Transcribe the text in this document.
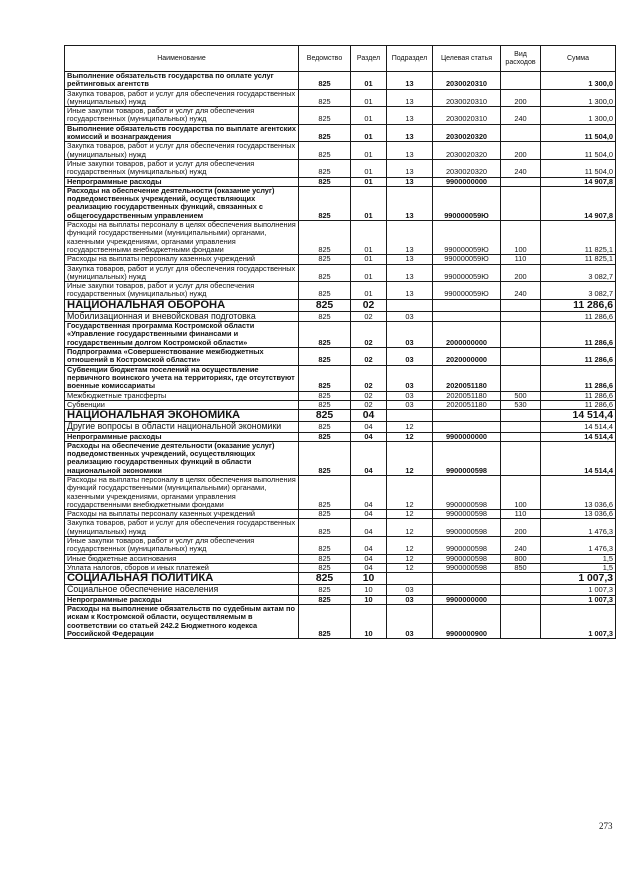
Наименование	Ведомство	Раздел	Подраздел	Целевая статья	Вид расходов	Сумма
Выполнение обязательств государства по оплате услуг рейтинговых агентств	825	01	13	2030020310		1 300,0
Закупка товаров, работ и услуг для обеспечения государственных (муниципальных) нужд	825	01	13	2030020310	200	1 300,0
Иные закупки товаров, работ и услуг для обеспечения государственных (муниципальных) нужд	825	01	13	2030020310	240	1 300,0
Выполнение обязательств государства по выплате агентских комиссий и вознаграждения	825	01	13	2030020320		11 504,0
Закупка товаров, работ и услуг для обеспечения государственных (муниципальных) нужд	825	01	13	2030020320	200	11 504,0
Иные закупки товаров, работ и услуг для обеспечения государственных (муниципальных) нужд	825	01	13	2030020320	240	11 504,0
Непрограммные расходы	825	01	13	9900000000		14 907,8
Расходы на обеспечение деятельности (оказание услуг) подведомственных учреждений, осуществляющих реализацию государственных функций, связанных с общегосударственным управлением	825	01	13	990000059Ю		14 907,8
Расходы на выплаты персоналу в целях обеспечения выполнения функций государственными (муниципальными) органами, казенными учреждениями, органами управления государственными внебюджетными фондами	825	01	13	990000059Ю	100	11 825,1
Расходы на выплаты персоналу казенных учреждений	825	01	13	990000059Ю	110	11 825,1
Закупка товаров, работ и услуг для обеспечения государственных (муниципальных) нужд	825	01	13	990000059Ю	200	3 082,7
Иные закупки товаров, работ и услуг для обеспечения государственных (муниципальных) нужд	825	01	13	990000059Ю	240	3 082,7
НАЦИОНАЛЬНАЯ ОБОРОНА	825	02				11 286,6
Мобилизационная и вневойсковая подготовка	825	02	03			11 286,6
Государственная программа Костромской области «Управление государственными финансами и государственным долгом Костромской области»	825	02	03	2000000000		11 286,6
Подпрограмма «Совершенствование межбюджетных отношений в Костромской области»	825	02	03	2020000000		11 286,6
Субвенции бюджетам поселений на осуществление первичного воинского учета на территориях, где отсутствуют военные комиссариаты	825	02	03	2020051180		11 286,6
Межбюджетные трансферты	825	02	03	2020051180	500	11 286,6
Субвенции	825	02	03	2020051180	530	11 286,6
НАЦИОНАЛЬНАЯ ЭКОНОМИКА	825	04				14 514,4
Другие вопросы в области национальной экономики	825	04	12			14 514,4
Непрограммные расходы	825	04	12	9900000000		14 514,4
Расходы на обеспечение деятельности (оказание услуг) подведомственных учреждений, осуществляющих реализацию государственных функций в области национальной экономики	825	04	12	9900000598		14 514,4
Расходы на выплаты персоналу в целях обеспечения выполнения функций государственными (муниципальными) органами, казенными учреждениями, органами управления государственными внебюджетными фондами	825	04	12	9900000598	100	13 036,6
Расходы на выплаты персоналу казенных учреждений	825	04	12	9900000598	110	13 036,6
Закупка товаров, работ и услуг для обеспечения государственных (муниципальных) нужд	825	04	12	9900000598	200	1 476,3
Иные закупки товаров, работ и услуг для обеспечения государственных (муниципальных) нужд	825	04	12	9900000598	240	1 476,3
Иные бюджетные ассигнования	825	04	12	9900000598	800	1,5
Уплата налогов, сборов и иных платежей	825	04	12	9900000598	850	1,5
СОЦИАЛЬНАЯ ПОЛИТИКА	825	10				1 007,3
Социальное обеспечение населения	825	10	03			1 007,3
Непрограммные расходы	825	10	03	9900000000		1 007,3
Расходы на выполнение обязательств по судебным актам по искам к Костромской области, осуществляемым в соответствии со статьей 242.2 Бюджетного кодекса Российской Федерации	825	10	03	9900000900		1 007,3
273
